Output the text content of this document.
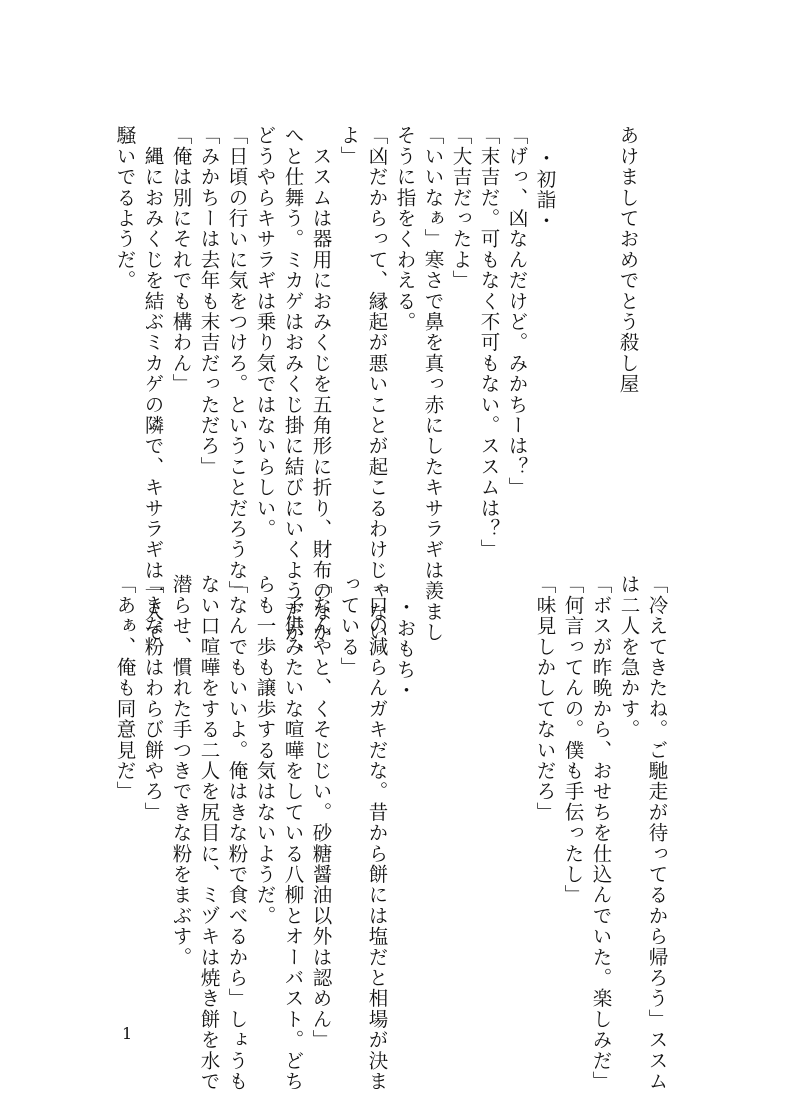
あけましておめでとう殺し屋
・初詣・
「げっ、凶なんだけど。みかちーは？」
「末吉だ。可もなく不可もない。ススムは？」
「大吉だったよ」
「いいなぁ」寒さで鼻を真っ赤にしたキサラギは羨まし
そうに指をくわえる。
「凶だからって、縁起が悪いことが起こるわけじゃない
よ」
　ススムは器用におみくじを五角形に折り、財布のなか
へと仕舞う。ミカゲはおみくじ掛に結びにいくようだが、
どうやらキサラギは乗り気ではないらしい。
「日頃の行いに気をつけろ。ということだろうな」
「みかちーは去年も末吉だっただろ」
「俺は別にそれでも構わん」
　縄におみくじを結ぶミカゲの隣で、キサラギは一人で
騒いでるようだ。
「冷えてきたね。ご馳走が待ってるから帰ろう」ススム
は二人を急かす。
「ボスが昨晩から、おせちを仕込んでいた。楽しみだ」
「何言ってんの。僕も手伝ったし」
「味見しかしてないだろ」
・おもち・
「口の減らんガキだな。昔から餅には塩だと相場が決ま
っている」
「なんやと、くそじじい。砂糖醤油以外は認めん」
　子供みたいな喧嘩をしている八柳とオーバスト。どち
らも一歩も譲歩する気はないようだ。
「なんでもいいよ。俺はきな粉で食べるから」しょうも
ない口喧嘩をする二人を尻目に、ミヅキは焼き餅を水で
潜らせ、慣れた手つきできな粉をまぶす。
「きな粉はわらび餅やろ」
「あぁ、俺も同意見だ」
1
